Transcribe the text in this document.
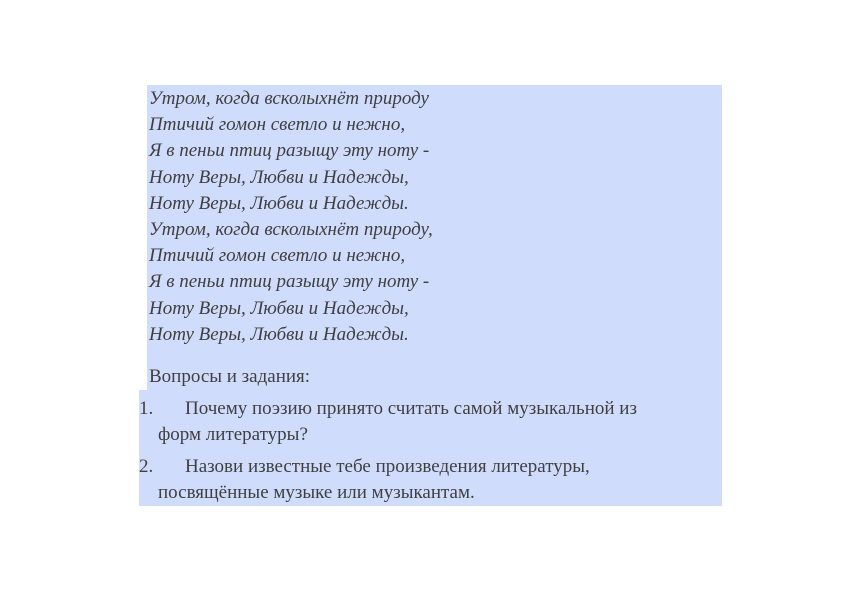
Утром, когда всколыхнёт природу
Птичий гомон светло и нежно,
Я в пеньи птиц разыщу эту ноту -
Ноту Веры, Любви и Надежды,
Ноту Веры, Любви и Надежды.
Утром, когда всколыхнёт природу,
Птичий гомон светло и нежно,
Я в пеньи птиц разыщу эту ноту -
Ноту Веры, Любви и Надежды,
Ноту Веры, Любви и Надежды.
Вопросы и задания:
1. Почему поэзию принято считать самой музыкальной из
форм литературы?
2. Назови известные тебе произведения литературы,
посвящённые музыке или музыкантам.
